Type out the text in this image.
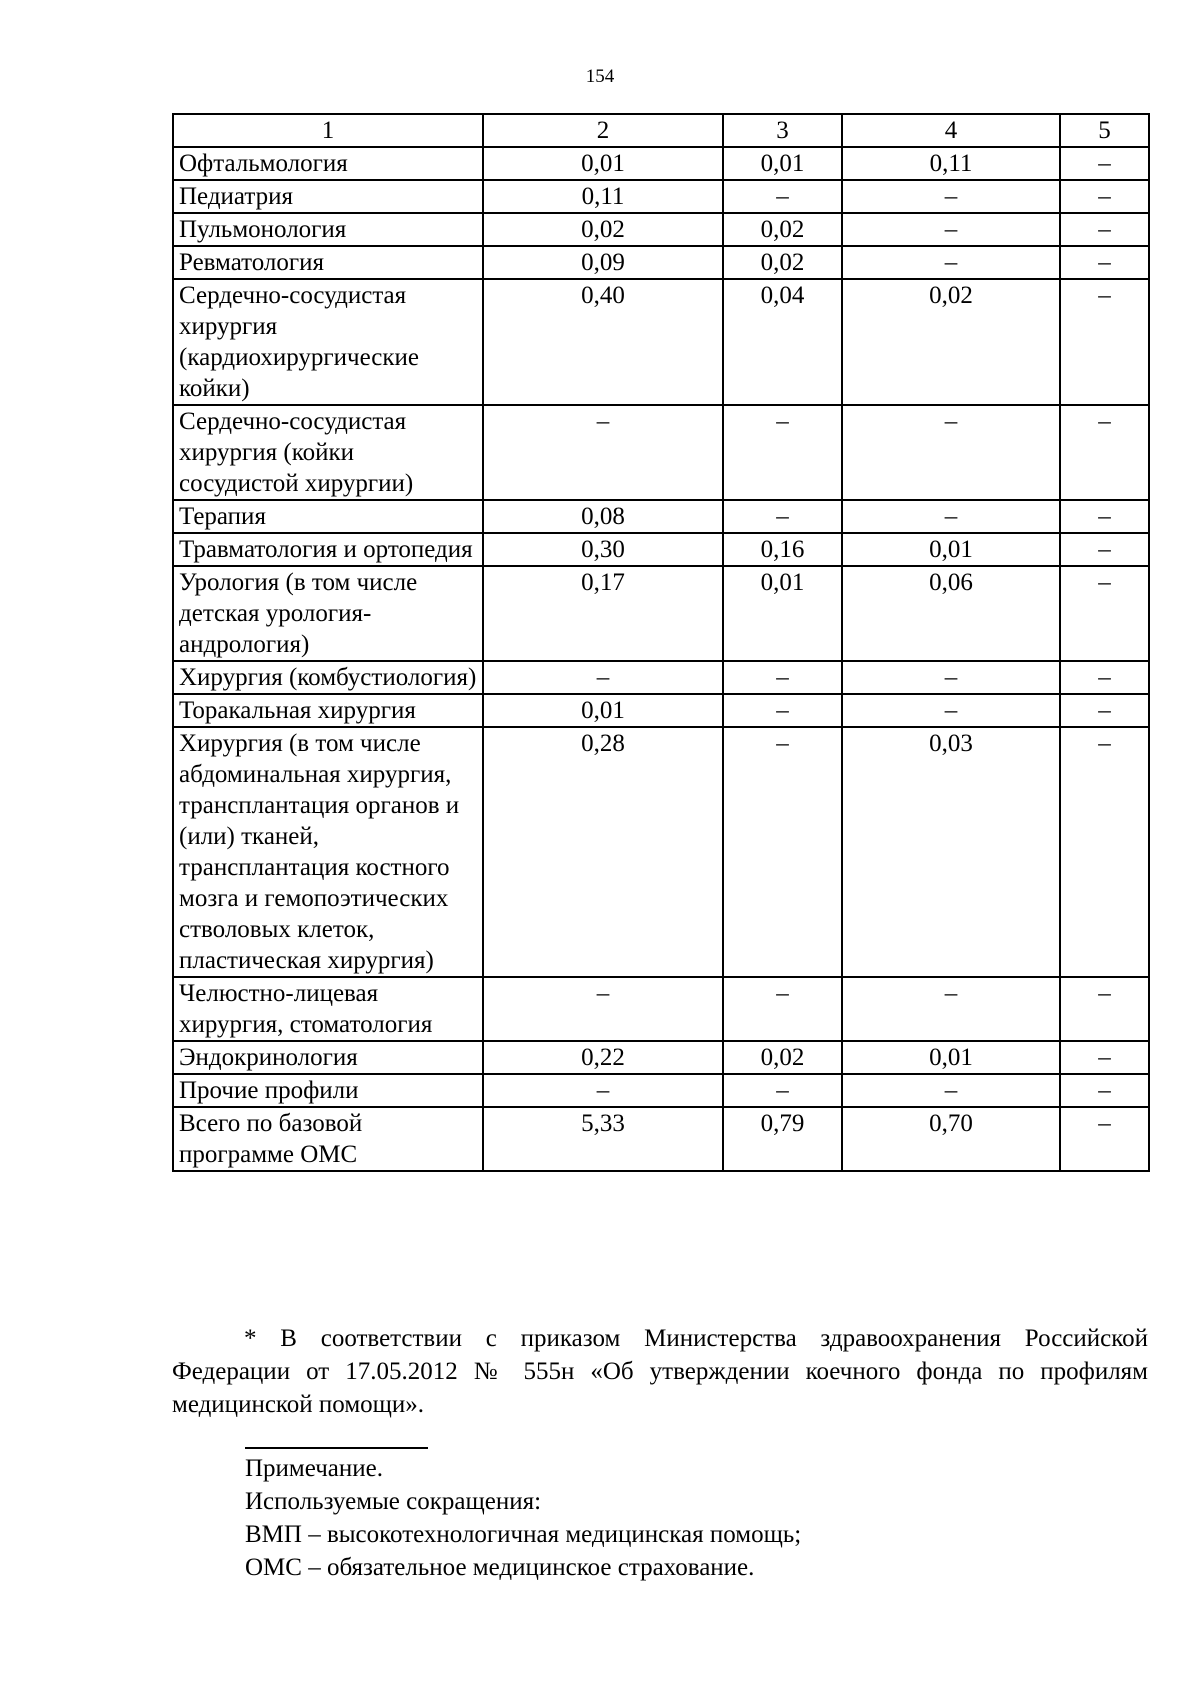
154
1	2	3	4	5
Офтальмология	0,01	0,01	0,11	–
Педиатрия	0,11	–	–	–
Пульмонология	0,02	0,02	–	–
Ревматология	0,09	0,02	–	–
Сердечно-сосудистая хирургия (кардиохирургические койки)	0,40	0,04	0,02	–
Сердечно-сосудистая хирургия (койки сосудистой хирургии)	–	–	–	–
Терапия	0,08	–	–	–
Травматология и ортопедия	0,30	0,16	0,01	–
Урология (в том числе детская урология-андрология)	0,17	0,01	0,06	–
Хирургия (комбустиология)	–	–	–	–
Торакальная хирургия	0,01	–	–	–
Хирургия (в том числе абдоминальная хирургия, трансплантация органов и (или) тканей, трансплантация костного мозга и гемопоэтических стволовых клеток, пластическая хирургия)	0,28	–	0,03	–
Челюстно-лицевая хирургия, стоматология	–	–	–	–
Эндокринология	0,22	0,02	0,01	–
Прочие профили	–	–	–	–
Всего по базовой программе ОМС	5,33	0,79	0,70	–
* В соответствии с приказом Министерства здравоохранения Российской Федерации от 17.05.2012 № 555н «Об утверждении коечного фонда по профилям медицинской помощи».
Примечание.
Используемые сокращения:
ВМП – высокотехнологичная медицинская помощь;
ОМС – обязательное медицинское страхование.
